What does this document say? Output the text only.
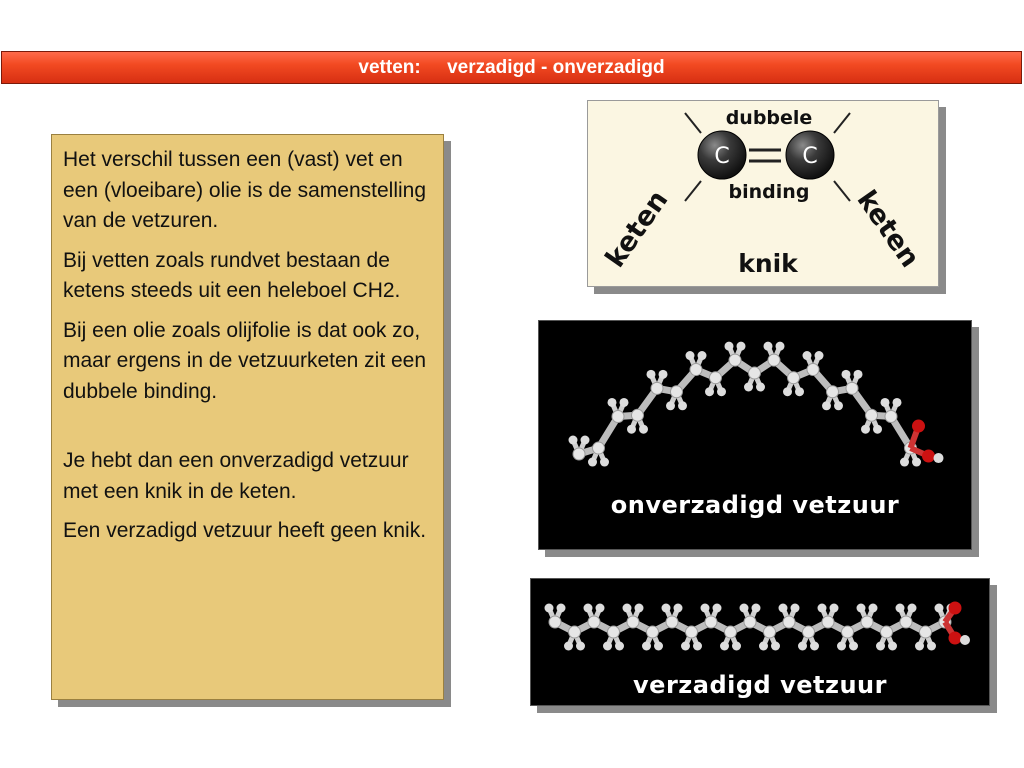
vetten:     verzadigd - onverzadigd

Het verschil tussen een (vast) vet en een (vloeibare) olie is de samenstelling van de vetzuren.

Bij vetten zoals rundvet bestaan de ketens steeds uit een heleboel CH2.

Bij een olie zoals olijfolie is dat ook zo, maar ergens in de vetzuurketen zit een dubbele binding.

Je hebt dan een onverzadigd vetzuur met een knik in de keten.

Een verzadigd vetzuur heeft geen knik.

C	C
dubbele
binding
keten	keten
knik
onverzadigd vetzuur
verzadigd vetzuur
